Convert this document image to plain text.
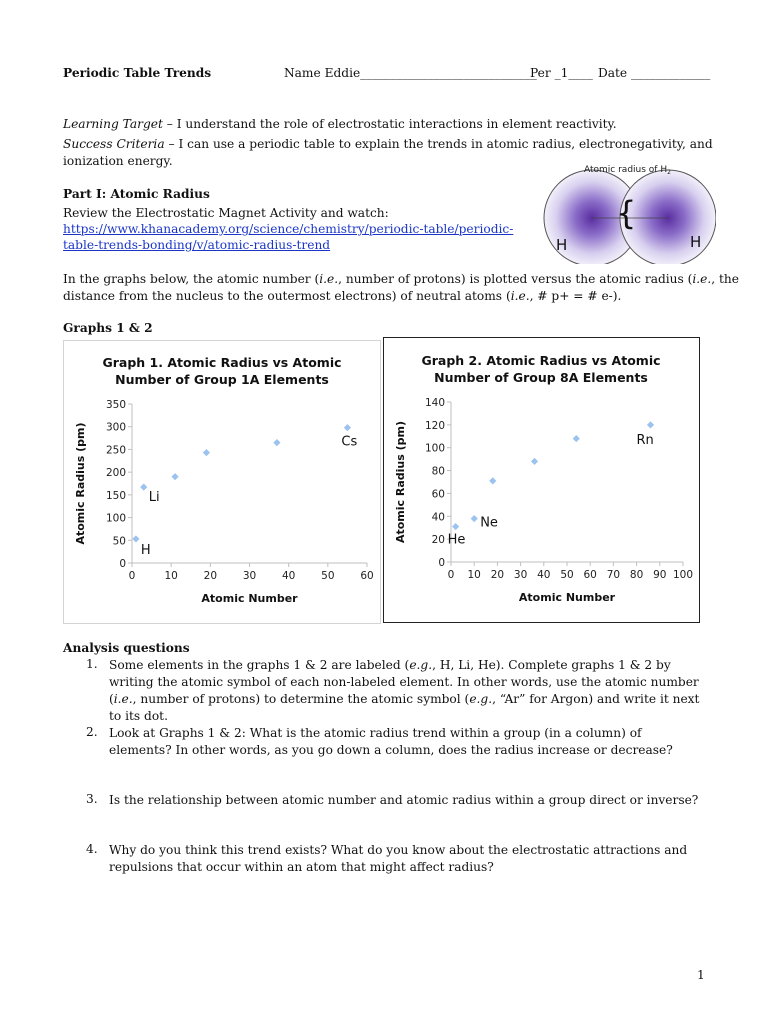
Periodic Table Trends	Name Eddie_____________________________
Per _1____ Date _____________
Learning Target – I understand the role of electrostatic interactions in element reactivity.
Success Criteria – I can use a periodic table to explain the trends in atomic radius, electronegativity, and
ionization energy.
Part I: Atomic Radius
Review the Electrostatic Magnet Activity and watch:
https://www.khanacademy.org/science/chemistry/periodic-table/periodic-
table-trends-bonding/v/atomic-radius-trend
Atomic radius of $H_2$
{
H	H
In the graphs below, the atomic number (i.e., number of protons) is plotted versus the atomic radius (i.e., the
distance from the nucleus to the outermost electrons) of neutral atoms (i.e., # p+ = # e-).
Graphs 1 & 2
Graph 1. Atomic Radius vs Atomic
Number of Group 1A Elements
0	10 20 30 40 50 60
0
50
100
150
200
250
300
350
Atomic Number
Atomic Radius (pm)
H
Li
Cs
Graph 2. Atomic Radius vs Atomic
Number of Group 8A Elements
0 10 20 30 40 50 60 70 80 90 100
0
20
40
60
80
100
120
140
Atomic Number
Atomic Radius (pm)	He
Ne
Rn
Analysis questions
1. Some elements in the graphs 1 & 2 are labeled (e.g., H, Li, He). Complete graphs 1 & 2 by writing the atomic symbol of each non-labeled element. In other words, use the atomic number (i.e., number of protons) to determine the atomic symbol (e.g., “Ar” for Argon) and write it next to its dot.
2. Look at Graphs 1 & 2: What is the atomic radius trend within a group (in a column) of elements? In other words, as you go down a column, does the radius increase or decrease?
3. Is the relationship between atomic number and atomic radius within a group direct or inverse?
4. Why do you think this trend exists? What do you know about the electrostatic attractions and repulsions that occur within an atom that might affect radius?
1
